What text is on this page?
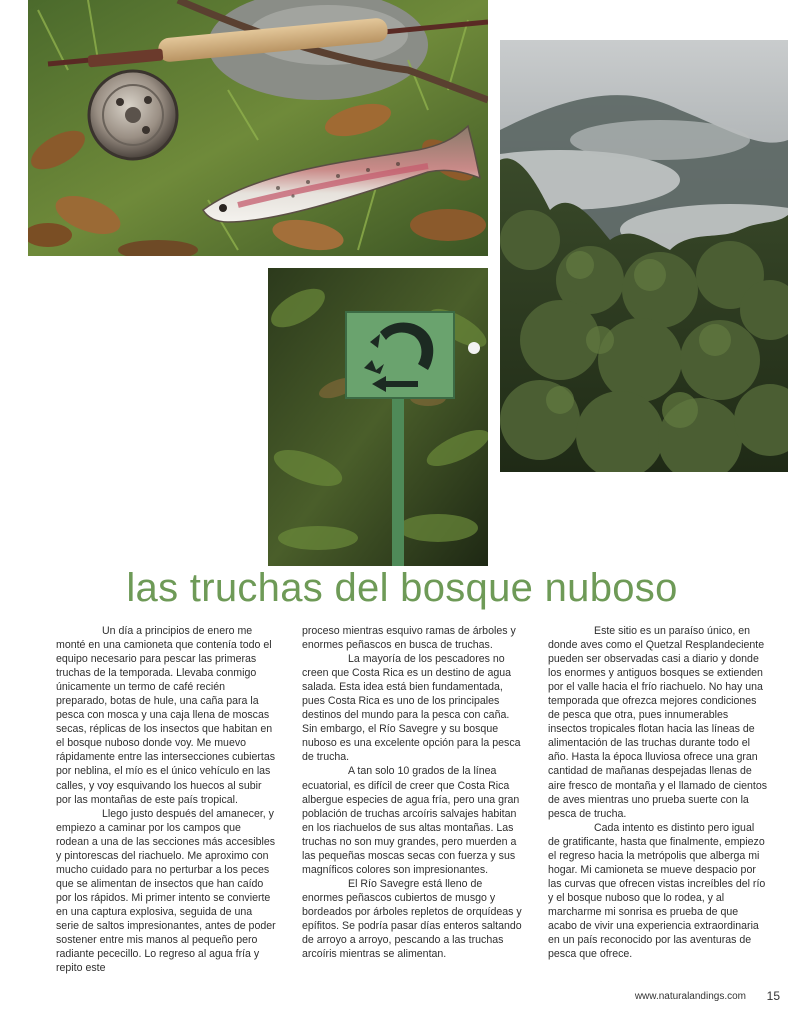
las truchas del bosque nuboso

Un día a principios de enero me monté en una camioneta que contenía todo el equipo necesario para pescar las primeras truchas de la temporada. Llevaba conmigo únicamente un termo de café recién preparado, botas de hule, una caña para la pesca con mosca y una caja llena de moscas secas, réplicas de los insectos que habitan en el bosque nuboso donde voy. Me muevo rápidamente entre las intersecciones cubiertas por neblina, el mío es el único vehículo en las calles, y voy esquivando los huecos al subir por las montañas de este país tropical.

Llego justo después del amanecer, y empiezo a caminar por los campos que rodean a una de las secciones más accesibles y pintorescas del riachuelo. Me aproximo con mucho cuidado para no perturbar a los peces que se alimentan de insectos que han caído por los rápidos. Mi primer intento se convierte en una captura explosiva, seguida de una serie de saltos impresionantes, antes de poder sostener entre mis manos al pequeño pero radiante pececillo. Lo regreso al agua fría y repito este

proceso mientras esquivo ramas de árboles y enormes peñascos en busca de truchas.

La mayoría de los pescadores no creen que Costa Rica es un destino de agua salada. Esta idea está bien fundamentada, pues Costa Rica es uno de los principales destinos del mundo para la pesca con caña. Sin embargo, el Río Savegre y su bosque nuboso es una excelente opción para la pesca de trucha.

A tan solo 10 grados de la línea ecuatorial, es difícil de creer que Costa Rica albergue especies de agua fría, pero una gran población de truchas arcoíris salvajes habitan en los riachuelos de sus altas montañas. Las truchas no son muy grandes, pero muerden a las pequeñas moscas secas con fuerza y sus magníficos colores son impresionantes.

El Río Savegre está lleno de enormes peñascos cubiertos de musgo y bordeados por árboles repletos de orquídeas y epífitos. Se podría pasar días enteros saltando de arroyo a arroyo, pescando a las truchas arcoíris mientras se alimentan.

Este sitio es un paraíso único, en donde aves como el Quetzal Resplandeciente pueden ser observadas casi a diario y donde los enormes y antiguos bosques se extienden por el valle hacia el frío riachuelo. No hay una temporada que ofrezca mejores condiciones de pesca que otra, pues innumerables insectos tropicales flotan hacia las líneas de alimentación de las truchas durante todo el año. Hasta la época lluviosa ofrece una gran cantidad de mañanas despejadas llenas de aire fresco de montaña y el llamado de cientos de aves mientras uno prueba suerte con la pesca de trucha.

Cada intento es distinto pero igual de gratificante, hasta que finalmente, empiezo el regreso hacia la metrópolis que alberga mi hogar. Mi camioneta se mueve despacio por las curvas que ofrecen vistas increíbles del río y el bosque nuboso que lo rodea, y al marcharme mi sonrisa es prueba de que acabo de vivir una experiencia extraordinaria en un país reconocido por las aventuras de pesca que ofrece.

www.naturalandings.com 15
